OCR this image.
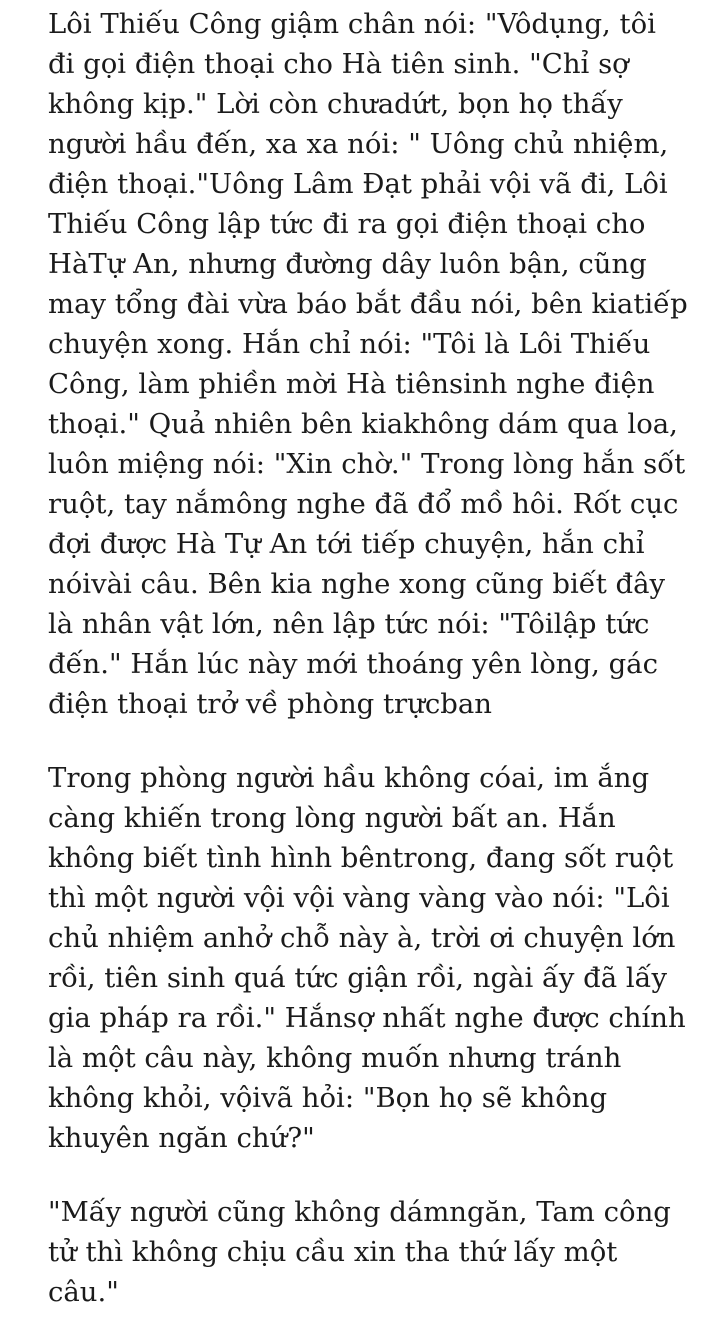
Lôi Thiếu Công giậm chân nói: "Vôdụng, tôi
đi gọi điện thoại cho Hà tiên sinh. "Chỉ sợ
không kịp." Lời còn chưadứt, bọn họ thấy
người hầu đến, xa xa nói: " Uông chủ nhiệm,
điện thoại."Uông Lâm Đạt phải vội vã đi, Lôi
Thiếu Công lập tức đi ra gọi điện thoại cho
HàTự An, nhưng đường dây luôn bận, cũng
may tổng đài vừa báo bắt đầu nói, bên kiatiếp
chuyện xong. Hắn chỉ nói: "Tôi là Lôi Thiếu
Công, làm phiền mời Hà tiênsinh nghe điện
thoại." Quả nhiên bên kiakhông dám qua loa,
luôn miệng nói: "Xin chờ." Trong lòng hắn sốt
ruột, tay nắmông nghe đã đổ mồ hôi. Rốt cục
đợi được Hà Tự An tới tiếp chuyện, hắn chỉ
nóivài câu. Bên kia nghe xong cũng biết đây
là nhân vật lớn, nên lập tức nói: "Tôilập tức
đến." Hắn lúc này mới thoáng yên lòng, gác
điện thoại trở về phòng trựcban
Trong phòng người hầu không cóai, im ắng
càng khiến trong lòng người bất an. Hắn
không biết tình hình bêntrong, đang sốt ruột
thì một người vội vội vàng vàng vào nói: "Lôi
chủ nhiệm anhở chỗ này à, trời ơi chuyện lớn
rồi, tiên sinh quá tức giận rồi, ngài ấy đã lấy
gia pháp ra rồi." Hắnsợ nhất nghe được chính
là một câu này, không muốn nhưng tránh
không khỏi, vộivã hỏi: "Bọn họ sẽ không
khuyên ngăn chứ?"
"Mấy người cũng không dámngăn, Tam công
tử thì không chịu cầu xin tha thứ lấy một
câu."
